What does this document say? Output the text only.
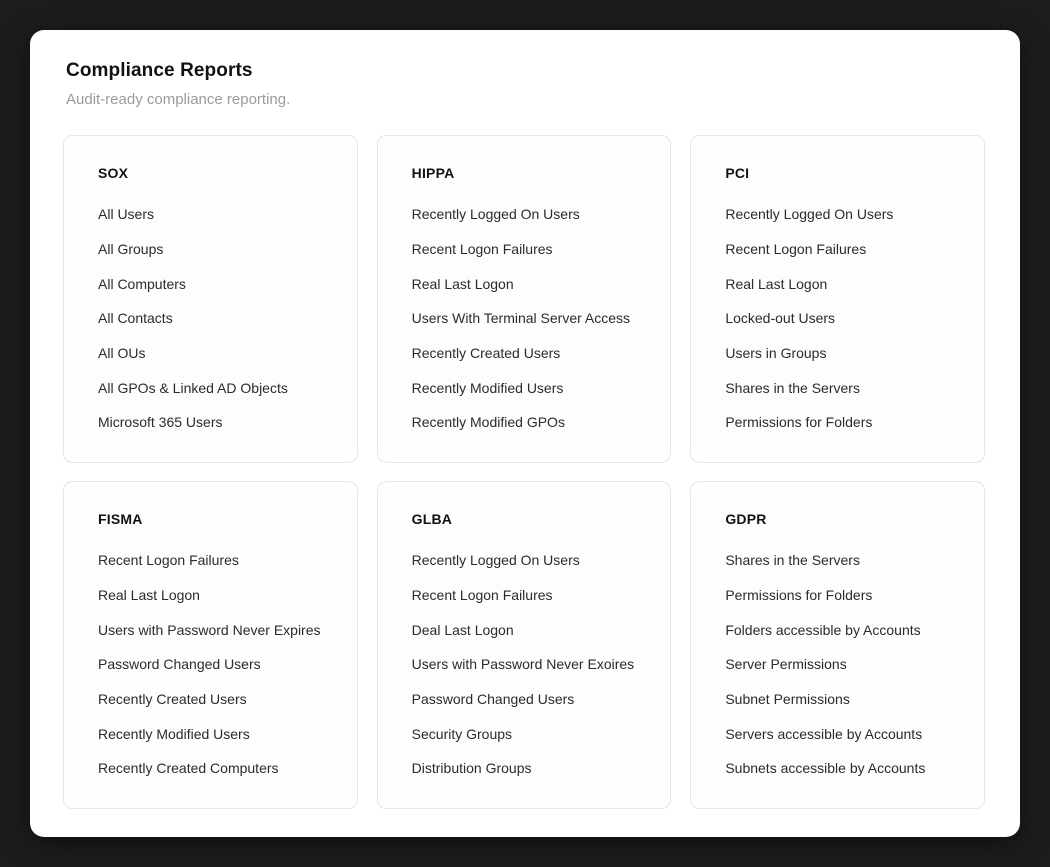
Compliance Reports

Audit-ready compliance reporting.

SOX
All Users
All Groups
All Computers
All Contacts
All OUs
All GPOs & Linked AD Objects
Microsoft 365 Users
HIPPA
Recently Logged On Users
Recent Logon Failures
Real Last Logon
Users With Terminal Server Access
Recently Created Users
Recently Modified Users
Recently Modified GPOs
PCI
Recently Logged On Users
Recent Logon Failures
Real Last Logon
Locked-out Users
Users in Groups
Shares in the Servers
Permissions for Folders
FISMA
Recent Logon Failures
Real Last Logon
Users with Password Never Expires
Password Changed Users
Recently Created Users
Recently Modified Users
Recently Created Computers
GLBA
Recently Logged On Users
Recent Logon Failures
Deal Last Logon
Users with Password Never Exoires
Password Changed Users
Security Groups
Distribution Groups
GDPR
Shares in the Servers
Permissions for Folders
Folders accessible by Accounts
Server Permissions
Subnet Permissions
Servers accessible by Accounts
Subnets accessible by Accounts
